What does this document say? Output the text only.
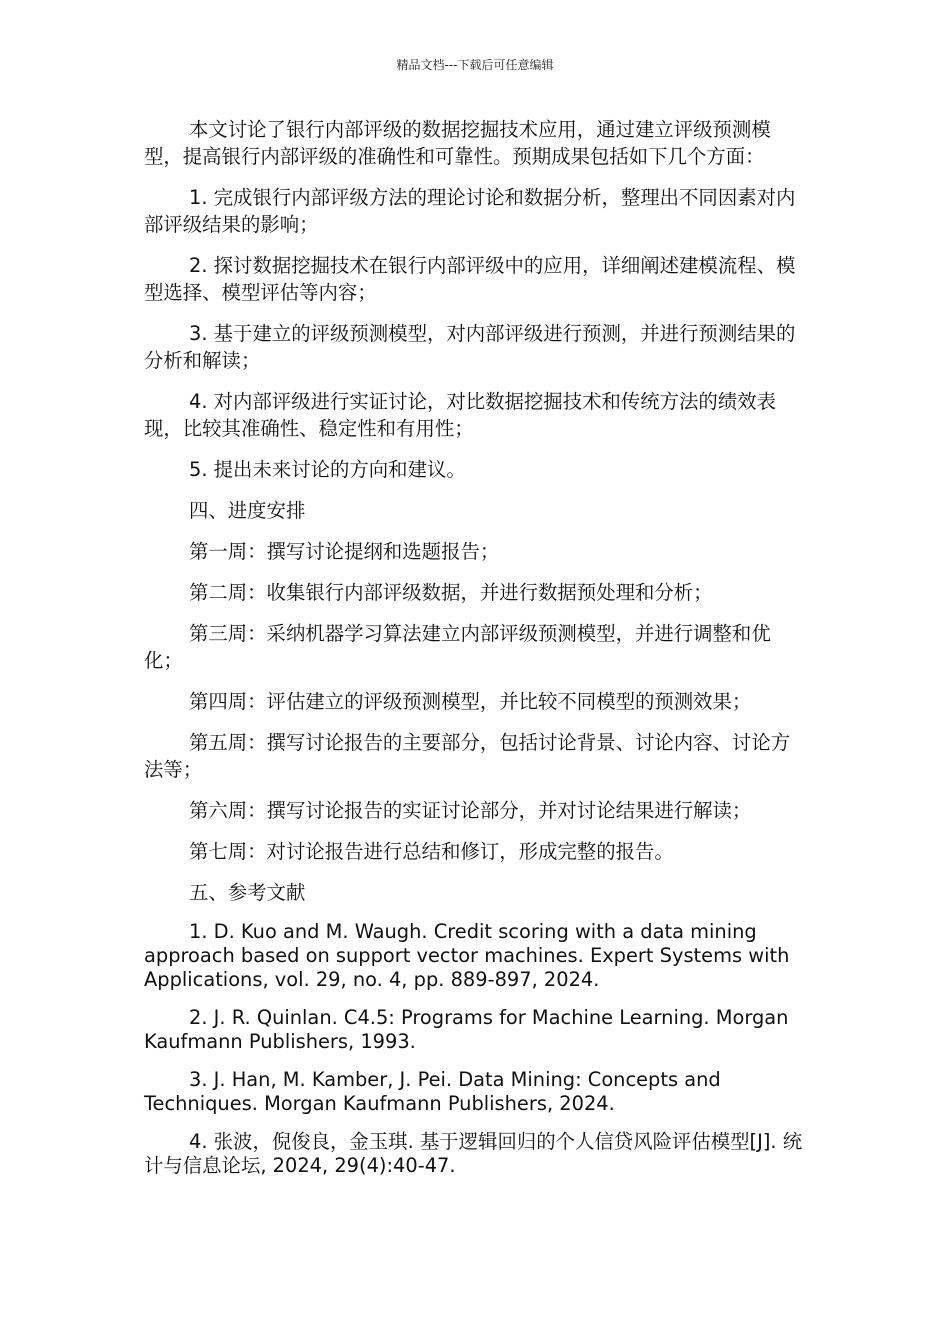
精品文档---下载后可任意编辑

本文讨论了银行内部评级的数据挖掘技术应用，通过建立评级预测模型，提高银行内部评级的准确性和可靠性。预期成果包括如下几个方面：

1. 完成银行内部评级方法的理论讨论和数据分析，整理出不同因素对内部评级结果的影响；

2. 探讨数据挖掘技术在银行内部评级中的应用，详细阐述建模流程、模型选择、模型评估等内容；

3. 基于建立的评级预测模型，对内部评级进行预测，并进行预测结果的分析和解读；

4. 对内部评级进行实证讨论，对比数据挖掘技术和传统方法的绩效表现，比较其准确性、稳定性和有用性；

5. 提出未来讨论的方向和建议。

四、进度安排

第一周：撰写讨论提纲和选题报告；

第二周：收集银行内部评级数据，并进行数据预处理和分析；

第三周：采纳机器学习算法建立内部评级预测模型，并进行调整和优化；

第四周：评估建立的评级预测模型，并比较不同模型的预测效果；

第五周：撰写讨论报告的主要部分，包括讨论背景、讨论内容、讨论方法等；

第六周：撰写讨论报告的实证讨论部分，并对讨论结果进行解读；

第七周：对讨论报告进行总结和修订，形成完整的报告。

五、参考文献

1. D. Kuo and M. Waugh. Credit scoring with a data mining approach based on support vector machines. Expert Systems with Applications, vol. 29, no. 4, pp. 889-897, 2024.

2. J. R. Quinlan. C4.5: Programs for Machine Learning. Morgan Kaufmann Publishers, 1993.

3. J. Han, M. Kamber, J. Pei. Data Mining: Concepts and Techniques. Morgan Kaufmann Publishers, 2024.

4. 张波，倪俊良，金玉琪. 基于逻辑回归的个人信贷风险评估模型[J]. 统计与信息论坛, 2024, 29(4):40-47.
